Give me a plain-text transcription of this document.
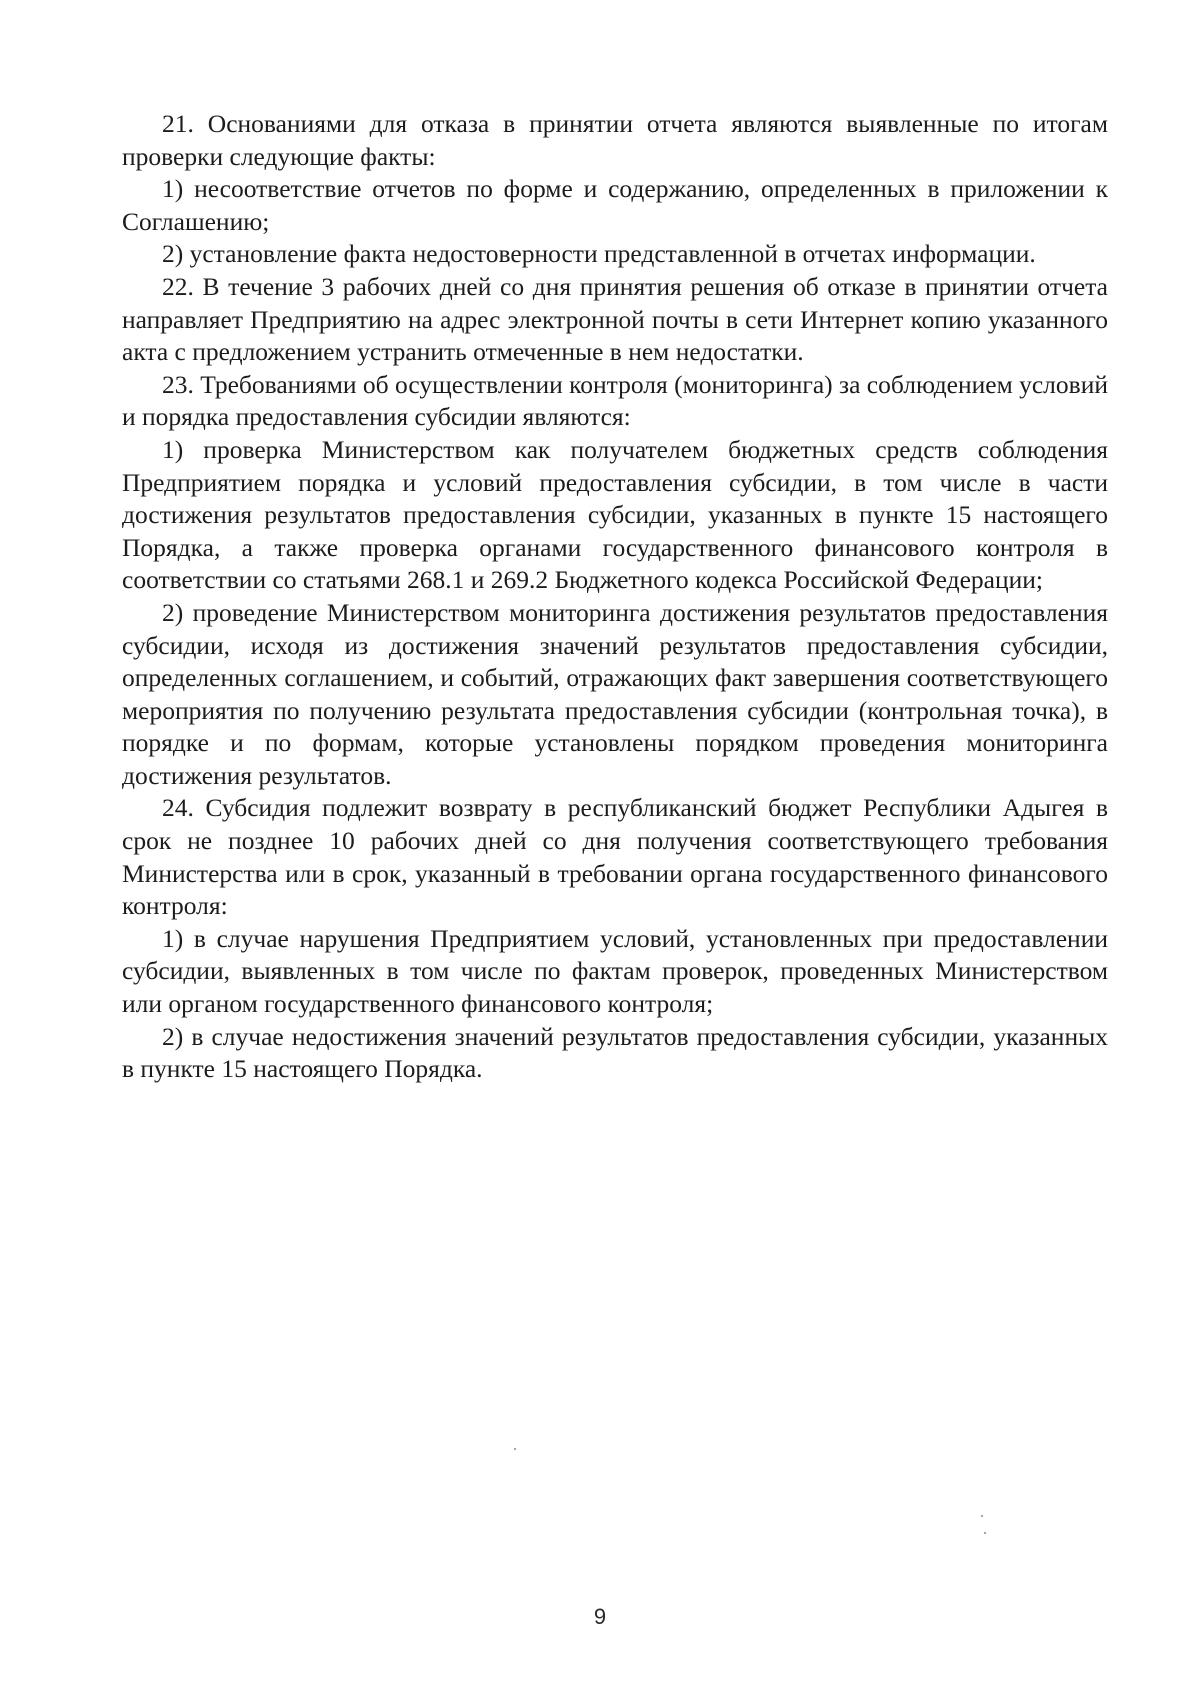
21. Основаниями для отказа в принятии отчета являются выявленные по итогам проверки следующие факты:

1) несоответствие отчетов по форме и содержанию, определенных в приложении к Соглашению;

2) установление факта недостоверности представленной в отчетах информации.

22. В течение 3 рабочих дней со дня принятия решения об отказе в принятии отчета направляет Предприятию на адрес электронной почты в сети Интернет копию указанного акта с предложением устранить отмеченные в нем недостатки.

23. Требованиями об осуществлении контроля (мониторинга) за соблюдением условий и порядка предоставления субсидии являются:

1) проверка Министерством как получателем бюджетных средств соблюдения Предприятием порядка и условий предоставления субсидии, в том числе в части достижения результатов предоставления субсидии, указанных в пункте 15 настоящего Порядка, а также проверка органами государственного финансового контроля в соответствии со статьями 268.1 и 269.2 Бюджетного кодекса Российской Федерации;

2) проведение Министерством мониторинга достижения результатов предоставления субсидии, исходя из достижения значений результатов предоставления субсидии, определенных соглашением, и событий, отражающих факт завершения соответствующего мероприятия по получению результата предоставления субсидии (контрольная точка), в порядке и по формам, которые установлены порядком проведения мониторинга достижения результатов.

24. Субсидия подлежит возврату в республиканский бюджет Республики Адыгея в срок не позднее 10 рабочих дней со дня получения соответствующего требования Министерства или в срок, указанный в требовании органа государственного финансового контроля:

1) в случае нарушения Предприятием условий, установленных при предоставлении субсидии, выявленных в том числе по фактам проверок, проведенных Министерством или органом государственного финансового контроля;

2) в случае недостижения значений результатов предоставления субсидии, указанных в пункте 15 настоящего Порядка.

9
